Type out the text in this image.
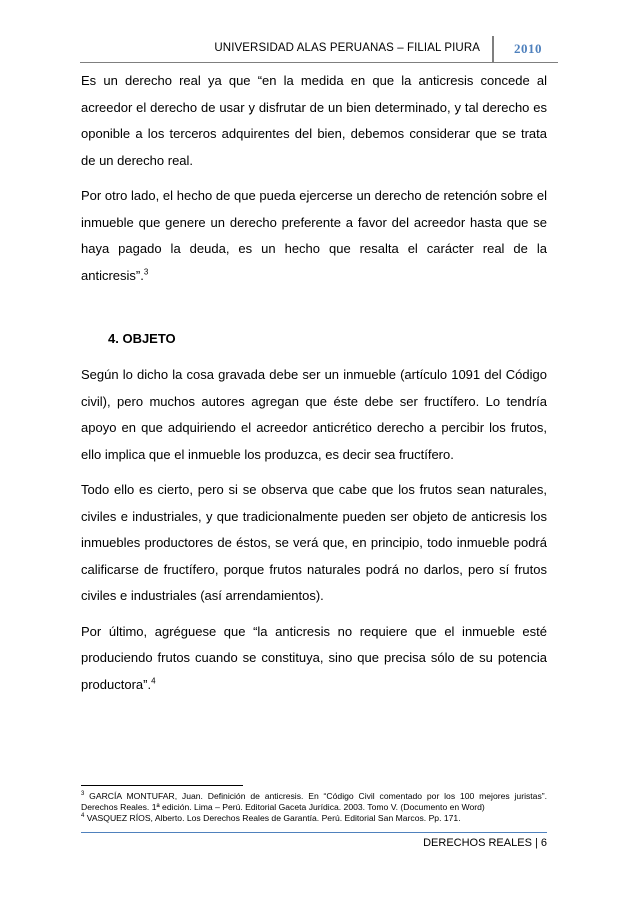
UNIVERSIDAD ALAS PERUANAS – FILIAL PIURA	2010

Es un derecho real ya que “en la medida en que la anticresis concede al acreedor el derecho de usar y disfrutar de un bien determinado, y tal derecho es oponible a los terceros adquirentes del bien, debemos considerar que se trata de un derecho real.

Por otro lado, el hecho de que pueda ejercerse un derecho de retención sobre el inmueble que genere un derecho preferente a favor del acreedor hasta que se haya pagado la deuda, es un hecho que resalta el carácter real de la anticresis”.$^3$

4. OBJETO

Según lo dicho la cosa gravada debe ser un inmueble (artículo 1091 del Código civil), pero muchos autores agregan que éste debe ser fructífero. Lo tendría apoyo en que adquiriendo el acreedor anticrético derecho a percibir los frutos, ello implica que el inmueble los produzca, es decir sea fructífero.

Todo ello es cierto, pero si se observa que cabe que los frutos sean naturales, civiles e industriales, y que tradicionalmente pueden ser objeto de anticresis los inmuebles productores de éstos, se verá que, en principio, todo inmueble podrá calificarse de fructífero, porque frutos naturales podrá no darlos, pero sí frutos civiles e industriales (así arrendamientos).

Por último, agréguese que “la anticresis no requiere que el inmueble esté produciendo frutos cuando se constituya, sino que precisa sólo de su potencia productora”.$^4$

$^3$ GARCÍA MONTUFAR, Juan. Definición de anticresis. En “Código Civil comentado por los 100 mejores juristas”. Derechos Reales. 1ª edición. Lima – Perú. Editorial Gaceta Jurídica. 2003. Tomo V. (Documento en Word)

$^4$ VASQUEZ RÍOS, Alberto. Los Derechos Reales de Garantía. Perú. Editorial San Marcos. Pp. 171.

DERECHOS REALES | 6
